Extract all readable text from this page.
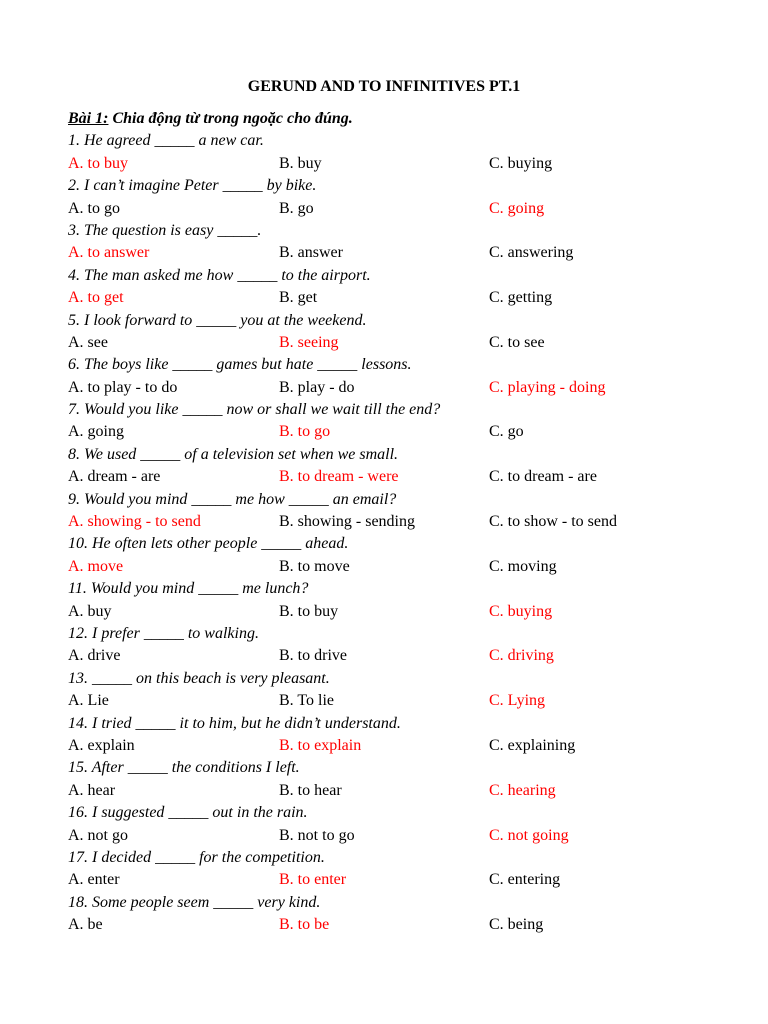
GERUND AND TO INFINITIVES PT.1
Bài 1: Chia động từ trong ngoặc cho đúng.
1. He agreed _____ a new car.
A. to buy	B. buy	C. buying
2. I can’t imagine Peter _____ by bike.
A. to go	B. go	C. going
3. The question is easy _____.
A. to answer	B. answer	C. answering
4. The man asked me how _____ to the airport.
A. to get	B. get	C. getting
5. I look forward to _____ you at the weekend.
A. see	B. seeing	C. to see
6. The boys like _____ games but hate _____ lessons.
A. to play - to do	B. play - do	C. playing - doing
7. Would you like _____ now or shall we wait till the end?
A. going	B. to go	C. go
8. We used _____ of a television set when we small.
A. dream - are	B. to dream - were	C. to dream - are
9. Would you mind _____ me how _____ an email?
A. showing - to send	B. showing - sending	C. to show - to send
10. He often lets other people _____ ahead.
A. move	B. to move	C. moving
11. Would you mind _____ me lunch?
A. buy	B. to buy	C. buying
12. I prefer _____ to walking.
A. drive	B. to drive	C. driving
13. _____ on this beach is very pleasant.
A. Lie	B. To lie	C. Lying
14. I tried _____ it to him, but he didn’t understand.
A. explain	B. to explain	C. explaining
15. After _____ the conditions I left.
A. hear	B. to hear	C. hearing
16. I suggested _____ out in the rain.
A. not go	B. not to go	C. not going
17. I decided _____ for the competition.
A. enter	B. to enter	C. entering
18. Some people seem _____ very kind.
A. be	B. to be	C. being
